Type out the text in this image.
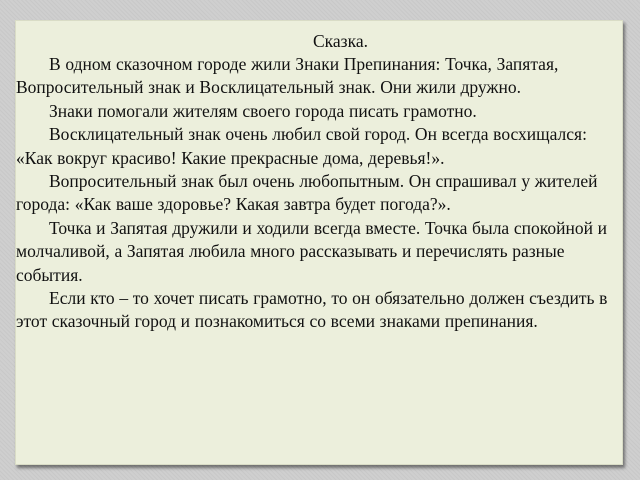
Сказка.

В одном сказочном городе жили Знаки Препинания: Точка, Запятая, Вопросительный знак и Восклицательный знак. Они жили дружно.

Знаки помогали жителям своего города писать грамотно.

Восклицательный знак очень любил свой город. Он всегда восхищался: «Как вокруг красиво! Какие прекрасные дома, деревья!».

Вопросительный знак был очень любопытным. Он спрашивал у жителей города: «Как ваше здоровье? Какая завтра будет погода?».

Точка и Запятая дружили и ходили всегда вместе. Точка была спокойной и молчаливой, а Запятая любила много рассказывать и перечислять разные события.

Если кто – то хочет писать грамотно, то он обязательно должен съездить в этот сказочный город и познакомиться со всеми знаками препинания.
